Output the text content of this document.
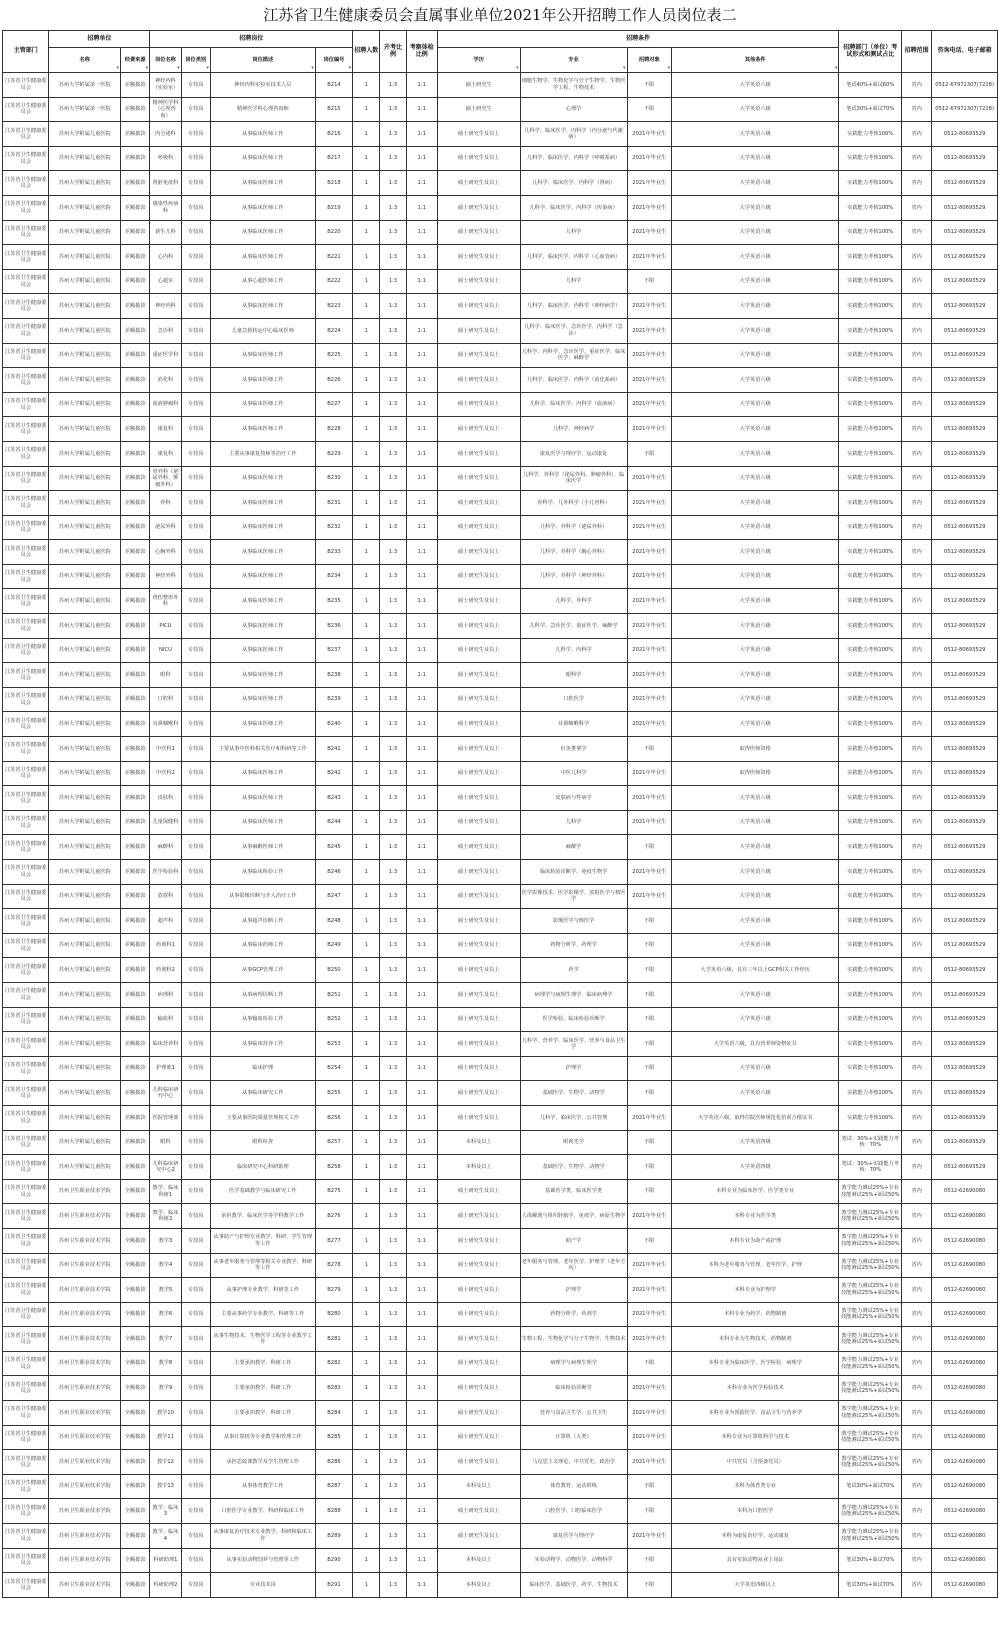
江苏省卫生健康委员会直属事业单位2021年公开招聘工作人员岗位表二
主管部门	招聘单位		招聘岗位				招聘人数	开考比例	考察体检比例	招聘条件				招聘部门（单位）考试形式和测试占比	招聘范围	咨询电话、电子邮箱
	名称 ▾	经费来源 ▾	岗位名称 ▾	岗位类别 ▾	岗位描述 ▾	岗位编号 ▾				学历 ▾	专业 ▾	招聘对象 ▾	其他条件 ▾
江苏省卫生健康委员会	苏州大学附属第一医院	差额拨款	神经内科（实验室）	专技岗	神经内科实验室技术人员	B214	1	1:3	1:1	硕士研究生	细胞生物学、生物化学与分子生物学、生物医学工程、生物技术	不限	大学英语六级	笔试40%+面试60%	省内	0512-67972307(7228)
江苏省卫生健康委员会	苏州大学附属第一医院	差额拨款	精神医学科（心理咨询）	专技岗	精神医学科心理咨询师	B215	1	1:3	1:1	硕士研究生	心理学	不限	大学英语六级	笔试30%+面试70%	省内	0512-67972307(7228)
江苏省卫生健康委员会	苏州大学附属儿童医院	差额拨款	内分泌科	专技岗	从事临床医师工作	B216	1	1:3	1:1	硕士研究生及以上	儿科学、临床医学、内科学（内分泌与代谢病）	2021年毕业生	大学英语六级	实践能力考核100%	省内	0512-80693529
江苏省卫生健康委员会	苏州大学附属儿童医院	差额拨款	呼吸科	专技岗	从事临床医师工作	B217	1	1:3	1:1	硕士研究生及以上	儿科学、临床医学、内科学（呼吸系病）	2021年毕业生	大学英语六级	实践能力考核100%	省内	0512-80693529
江苏省卫生健康委员会	苏州大学附属儿童医院	差额拨款	肾脏免疫科	专技岗	从事临床医师工作	B218	1	1:3	1:1	硕士研究生及以上	儿科学、临床医学、内科学（肾病）	2021年毕业生	大学英语六级	实践能力考核100%	省内	0512-80693529
江苏省卫生健康委员会	苏州大学附属儿童医院	差额拨款	感染性疾病科	专技岗	从事临床医师工作	B219	1	1:3	1:1	硕士研究生及以上	儿科学、临床医学、内科学（传染病）	2021年毕业生	大学英语六级	实践能力考核100%	省内	0512-80693529
江苏省卫生健康委员会	苏州大学附属儿童医院	差额拨款	新生儿科	专技岗	从事临床医师工作	B220	1	1:3	1:1	硕士研究生及以上	儿科学	2021年毕业生	大学英语六级	实践能力考核100%	省内	0512-80693529
江苏省卫生健康委员会	苏州大学附属儿童医院	差额拨款	心内科	专技岗	从事临床医师工作	B221	1	1:3	1:1	硕士研究生及以上	儿科学、临床医学、内科学（心血管病）	2021年毕业生	大学英语六级	实践能力考核100%	省内	0512-80693529
江苏省卫生健康委员会	苏州大学附属儿童医院	差额拨款	心超室	专技岗	从事心超医师工作	B222	1	1:3	1:1	硕士研究生及以上	儿科学	不限	大学英语六级	实践能力考核100%	省内	0512-80693529
江苏省卫生健康委员会	苏州大学附属儿童医院	差额拨款	神经内科	专技岗	从事临床医师工作	B223	1	1:3	1:1	硕士研究生及以上	儿科学、临床医学、内科学（神经病学）	2021年毕业生	大学英语六级	实践能力考核100%	省内	0512-80693529
江苏省卫生健康委员会	苏州大学附属儿童医院	差额拨款	急诊科	专技岗	儿童急救转运中心临床医师	B224	1	1:3	1:1	硕士研究生及以上	儿科学、临床医学、急诊医学、内科学（急诊）	2021年毕业生	大学英语六级	实践能力考核100%	省内	0512-80693529
江苏省卫生健康委员会	苏州大学附属儿童医院	差额拨款	重症医学科	专技岗	从事临床医师工作	B225	1	1:3	1:1	硕士研究生及以上	儿科学、内科学、急诊医学、重症医学、临床医学、麻醉学	2021年毕业生	大学英语六级	实践能力考核100%	省内	0512-80693529
江苏省卫生健康委员会	苏州大学附属儿童医院	差额拨款	消化科	专技岗	从事临床医师工作	B226	1	1:3	1:1	硕士研究生及以上	儿科学、临床医学、内科学（消化系病）	2021年毕业生	大学英语六级	实践能力考核100%	省内	0512-80693529
江苏省卫生健康委员会	苏州大学附属儿童医院	差额拨款	血液肿瘤科	专技岗	从事临床医师工作	B227	1	1:3	1:1	硕士研究生及以上	儿科学、临床医学、内科学（血液病）	2021年毕业生	大学英语六级	实践能力考核100%	省内	0512-80693529
江苏省卫生健康委员会	苏州大学附属儿童医院	差额拨款	康复科	专技岗	从事临床医师工作	B228	1	1:3	1:1	硕士研究生及以上	儿科学、神经病学	2021年毕业生	大学英语六级	实践能力考核100%	省内	0512-80693529
江苏省卫生健康委员会	苏州大学附属儿童医院	差额拨款	康复科	专技岗	主要从事康复技师等治疗工作	B229	1	1:3	1:1	硕士研究生及以上	康复医学与理疗学、运动康复	不限	大学英语六级	实践能力考核100%	省内	0512-80693529
江苏省卫生健康委员会	苏州大学附属儿童医院	差额拨款	骨外科（泌尿外科、肿瘤外科）	专技岗	从事临床医师工作	B230	1	1:3	1:1	硕士研究生及以上	儿科学、外科学（泌尿外科、肿瘤外科）、临床医学	2021年毕业生	大学英语六级	实践能力考核100%	省内	0512-80693529
江苏省卫生健康委员会	苏州大学附属儿童医院	差额拨款	骨科	专技岗	从事临床医师工作	B231	1	1:3	1:1	硕士研究生及以上	骨科学、儿外科学（小儿骨科）	2021年毕业生	大学英语六级	实践能力考核100%	省内	0512-80693529
江苏省卫生健康委员会	苏州大学附属儿童医院	差额拨款	泌尿外科	专技岗	从事临床医师工作	B232	1	1:3	1:1	硕士研究生及以上	儿科学、外科学（泌尿外科）	2021年毕业生	大学英语六级	实践能力考核100%	省内	0512-80693529
江苏省卫生健康委员会	苏州大学附属儿童医院	差额拨款	心胸外科	专技岗	从事临床医师工作	B233	1	1:3	1:1	硕士研究生及以上	儿科学、外科学（胸心外科）	2021年毕业生	大学英语六级	实践能力考核100%	省内	0512-80693529
江苏省卫生健康委员会	苏州大学附属儿童医院	差额拨款	神经外科	专技岗	从事临床医师工作	B234	1	1:3	1:1	硕士研究生及以上	儿科学、外科学（神经外科）	2021年毕业生	大学英语六级	实践能力考核100%	省内	0512-80693529
江苏省卫生健康委员会	苏州大学附属儿童医院	差额拨款	烧伤整形外科	专技岗	从事临床医师工作	B235	1	1:3	1:1	硕士研究生及以上	儿科学、外科学	2021年毕业生	大学英语六级	实践能力考核100%	省内	0512-80693529
江苏省卫生健康委员会	苏州大学附属儿童医院	差额拨款	PICU	专技岗	从事临床医师工作	B236	1	1:3	1:1	硕士研究生及以上	儿科学、急诊医学、重症医学、麻醉学	2021年毕业生	大学英语六级	实践能力考核100%	省内	0512-80693529
江苏省卫生健康委员会	苏州大学附属儿童医院	差额拨款	NICU	专技岗	从事临床医师工作	B237	1	1:3	1:1	硕士研究生及以上	儿科学、内科学	2021年毕业生	大学英语六级	实践能力考核100%	省内	0512-80693529
江苏省卫生健康委员会	苏州大学附属儿童医院	差额拨款	眼科	专技岗	从事临床医师工作	B238	1	1:3	1:1	硕士研究生及以上	眼科学	2021年毕业生	大学英语六级	实践能力考核100%	省内	0512-80693529
江苏省卫生健康委员会	苏州大学附属儿童医院	差额拨款	口腔科	专技岗	从事临床医师工作	B239	1	1:3	1:1	硕士研究生及以上	口腔医学	2021年毕业生	大学英语六级	实践能力考核100%	省内	0512-80693529
江苏省卫生健康委员会	苏州大学附属儿童医院	差额拨款	耳鼻咽喉科	专技岗	从事临床医师工作	B240	1	1:3	1:1	硕士研究生及以上	耳鼻咽喉科学	2021年毕业生	大学英语六级	实践能力考核100%	省内	0512-80693529
江苏省卫生健康委员会	苏州大学附属儿童医院	差额拨款	中医科1	专技岗	主要从事中医科相关医疗和科研等工作	B241	1	1:3	1:1	硕士研究生及以上	针灸推拿学	不限	取得医师资格	实践能力考核100%	省内	0512-80693529
江苏省卫生健康委员会	苏州大学附属儿童医院	差额拨款	中医科2	专技岗	从事临床医师工作	B242	1	1:3	1:1	硕士研究生及以上	中医儿科学	2021年毕业生	取得医师资格	实践能力考核100%	省内	0512-80693529
江苏省卫生健康委员会	苏州大学附属儿童医院	差额拨款	皮肤科	专技岗	从事临床医师工作	B243	1	1:3	1:1	硕士研究生及以上	皮肤病与性病学	2021年毕业生	大学英语六级	实践能力考核100%	省内	0512-80693529
江苏省卫生健康委员会	苏州大学附属儿童医院	差额拨款	儿童保健科	专技岗	从事临床医师工作	B244	1	1:3	1:1	硕士研究生及以上	儿科学	2021年毕业生	大学英语六级	实践能力考核100%	省内	0512-80693529
江苏省卫生健康委员会	苏州大学附属儿童医院	差额拨款	麻醉科	专技岗	从事麻醉医师工作	B245	1	1:3	1:1	硕士研究生及以上	麻醉学	不限	大学英语六级	实践能力考核100%	省内	0512-80693529
江苏省卫生健康委员会	苏州大学附属儿童医院	差额拨款	医学检验科	专技岗	从事临床检验工作	B246	1	1:3	1:1	硕士研究生及以上	临床检验诊断学、免疫生物学	2021年毕业生	大学英语六级	实践能力考核100%	省内	0512-80693529
江苏省卫生健康委员会	苏州大学附属儿童医院	差额拨款	放射科	专技岗	从事影像诊断与介入治疗工作	B247	1	1:3	1:1	硕士研究生及以上	医学影像技术、医学影像学、放射医学与核医学	2021年毕业生	大学英语六级	实践能力考核100%	省内	0512-80693529
江苏省卫生健康委员会	苏州大学附属儿童医院	差额拨款	超声科	专技岗	从事超声诊断工作	B248	1	1:3	1:1	硕士研究生及以上	影像医学与核医学	不限	大学英语六级	实践能力考核100%	省内	0512-80693529
江苏省卫生健康委员会	苏州大学附属儿童医院	差额拨款	药剂科1	专技岗	从事临床药师工作	B249	1	1:3	1:1	硕士研究生及以上	药物分析学、药理学	不限	大学英语六级	实践能力考核100%	省内	0512-80693529
江苏省卫生健康委员会	苏州大学附属儿童医院	差额拨款	药剂科2	专技岗	从事GCP管理工作	B250	1	1:3	1:1	硕士研究生及以上	药学	不限	大学英语六级，具有三年以上GCP相关工作经历	实践能力考核100%	省内	0512-80693529
江苏省卫生健康委员会	苏州大学附属儿童医院	差额拨款	病理科	专技岗	从事病理诊断工作	B251	1	1:3	1:1	硕士研究生及以上	病理学与病理生理学、临床病理学	不限	大学英语六级	实践能力考核100%	省内	0512-80693529
江苏省卫生健康委员会	苏州大学附属儿童医院	差额拨款	输血科	专技岗	从事输血检验工作	B252	1	1:3	1:1	硕士研究生及以上	医学检验、临床检验诊断学	不限	大学英语六级	实践能力考核100%	省内	0512-80693529
江苏省卫生健康委员会	苏州大学附属儿童医院	差额拨款	临床营养科	专技岗	从事临床营养工作	B253	1	1:3	1:1	硕士研究生及以上	儿科学、营养学、临床医学、营养与食品卫生学	不限	大学英语六级，具有营养师资格证书	实践能力考核100%	省内	0512-80693529
江苏省卫生健康委员会	苏州大学附属儿童医院	差额拨款	护理部1	专技岗	临床护理	B254	1	1:3	1:1	硕士研究生及以上	护理学	不限	大学英语六级	实践能力考核100%	省内	0512-80693529
江苏省卫生健康委员会	苏州大学附属儿童医院	差额拨款	儿科临床研究中心	专技岗	从事临床研究工作	B255	1	1:3	1:1	硕士研究生及以上	基础医学、生物学、动物学	不限	大学英语六级	实践能力考核100%	省内	0512-80693529
江苏省卫生健康委员会	苏州大学附属儿童医院	差额拨款	医院管理部	专技岗	主要从事医院质量管理相关工作	B256	1	1:3	1:1	硕士研究生及以上	儿科学、临床医学、公共管理	2021年毕业生	大学英语六级，取得住院医师规范化培训合格证书	实践能力考核100%	省内	0512-80693529
江苏省卫生健康委员会	苏州大学附属儿童医院	差额拨款	眼科	专技岗	眼科检查	B257	1	1:3	1:1	本科及以上	眼视光学	不限	大学英语四级	笔试：30%+实践能力考核：70%	省内	0512-80693529
江苏省卫生健康委员会	苏州大学附属儿童医院	差额拨款	儿科临床研究中心2	专技岗	临床研究中心科研助理	B258	1	1:3	1:1	本科及以上	基础医学、生物学、动物学	不限	大学英语四级	笔试：30%+实践能力考核：70%	省内	0512-80693529
江苏省卫生健康委员会	苏州卫生职业技术学院	全额拨款	教学、临床科研1	专技岗	医学基础教学与临床研究工作	B275	1	1:3	1:1	硕士研究生及以上	基础医学类、临床医学类	不限	本科专业为临床医学、医学类专业	教学能力测试25%+专业技能测试25%+面试50%	省内	0512-62690080
江苏省卫生健康委员会	苏州卫生职业技术学院	全额拨款	教学、临床科研2	专技岗	承担教学、临床医学等学科教学工作	B276	1	1:3	1:1	硕士研究生及以上	人体解剖与组织胚胎学、免疫学、病原生物学	2021年毕业生	本科专业为医学类	教学能力测试25%+专业技能测试25%+面试50%	省内	0512-62690080
江苏省卫生健康委员会	苏州卫生职业技术学院	全额拨款	教学3	专技岗	从事助产与护理专业教学、科研、学生管理等工作	B277	1	1:3	1:1	硕士研究生及以上	助产学	不限	本科专业为助产或护理	教学能力测试25%+专业技能测试25%+面试50%	省内	0512-62690080
江苏省卫生健康委员会	苏州卫生职业技术学院	全额拨款	教学4	专技岗	从事老年服务与管理等相关专业教学、科研等工作	B278	1	1:3	1:1	硕士研究生及以上	老年服务与管理、老年医学、护理学（老年方向）	2021年毕业生	本科为老年服务与管理、老年医学、护理	教学能力测试25%+专业技能测试25%+面试50%	省内	0512-62690080
江苏省卫生健康委员会	苏州卫生职业技术学院	全额拨款	教学5	专技岗	从事护理专业教学、科研等工作	B279	1	1:3	1:1	硕士研究生及以上	护理学	2021年毕业生	本科专业为护理学	教学能力测试25%+专业技能测试25%+面试50%	省内	0512-62690080
江苏省卫生健康委员会	苏州卫生职业技术学院	全额拨款	教学6	专技岗	主要从事药学专业教学、科研等工作	B280	1	1:3	1:1	硕士研究生及以上	药物分析学、药剂学	2021年毕业生	本科专业为药学、药物制剂	教学能力测试25%+专业技能测试25%+面试50%	省内	0512-62690080
江苏省卫生健康委员会	苏州卫生职业技术学院	全额拨款	教学7	专技岗	从事生物技术、生物医学工程等专业教学工作	B281	1	1:3	1:1	硕士研究生及以上	生物工程、生物化学与分子生物学、生物技术	2021年毕业生	本科专业为生物技术、药物制剂	教学能力测试25%+专业技能测试25%+面试50%	省内	0512-62690080
江苏省卫生健康委员会	苏州卫生职业技术学院	全额拨款	教学8	专技岗	主要承担教学、科研工作	B282	1	1:3	1:1	硕士研究生及以上	病理学与病理生理学	不限	本科专业为临床医学、医学检验、病理学	教学能力测试25%+专业技能测试25%+面试50%	省内	0512-62690080
江苏省卫生健康委员会	苏州卫生职业技术学院	全额拨款	教学9	专技岗	主要承担教学、科研工作	B283	1	1:3	1:1	硕士研究生及以上	临床检验诊断学	2021年毕业生	本科专业为医学检验技术	教学能力测试25%+专业技能测试25%+面试50%	省内	0512-62690080
江苏省卫生健康委员会	苏州卫生职业技术学院	全额拨款	教学10	专技岗	主要承担教学、科研工作	B284	1	1:3	1:1	硕士研究生及以上	营养与食品卫生学、公共卫生	2021年毕业生	本科专业为预防医学、食品卫生与营养学	教学能力测试25%+专业技能测试25%+面试50%	省内	0512-62690080
江苏省卫生健康委员会	苏州卫生职业技术学院	全额拨款	教学11	专技岗	从事计算机等专业教学和管理工作	B285	1	1:3	1:1	硕士研究生及以上	计算机（大类）	2021年毕业生	本科专业为计算机科学与技术	教学能力测试25%+专业技能测试25%+面试50%	省内	0512-62690080
江苏省卫生健康委员会	苏州卫生职业技术学院	全额拨款	教学12	专技岗	承担思政课教学及学生管理工作	B286	1	1:3	1:1	硕士研究生及以上	马克思主义理论、中共党史、政治学	2021年毕业生	中共党员（含预备党员）	教学能力测试25%+专业技能测试25%+面试50%	省内	0512-62690080
江苏省卫生健康委员会	苏州卫生职业技术学院	全额拨款	教学13	专技岗	从事体育教学工作	B287	1	1:3	1:1	本科及以上	体育教育、运动训练	不限	本科为体育类专业	笔试30%+面试70%	省内	0512-62690080
江苏省卫生健康委员会	苏州卫生职业技术学院	全额拨款	教学、临床3	专技岗	口腔医学专业教学、科研和临床工作	B288	1	1:3	1:1	硕士研究生及以上	口腔医学、口腔临床医学	不限	本科为口腔医学	教学能力测试25%+专业技能测试25%+面试50%	省内	0512-62690080
江苏省卫生健康委员会	苏州卫生职业技术学院	全额拨款	教学、临床4	专技岗	从事康复治疗技术专业教学、科研和临床工作	B289	1	1:3	1:1	硕士研究生及以上	康复医学与理疗学	2021年毕业生	本科为康复治疗学、运动康复	教学能力测试25%+专业技能测试25%+面试50%	省内	0512-62690080
江苏省卫生健康委员会	苏州卫生职业技术学院	全额拨款	科研助理1	专技岗	从事实验动物饲养与管理等工作	B290	1	1:3	1:1	本科及以上	实验动物学、动物医学、动物科学	不限	具有实验动物从业上岗证	笔试30%+面试70%	省内	0512-62690080
江苏省卫生健康委员会	苏州卫生职业技术学院	全额拨款	科研助理2	专技岗	专业技术岗	B291	1	1:3	1:1	本科及以上	临床医学、基础医学、药学、生物技术	不限	大学英语四级以上	笔试30%+面试70%	省内	0512-62690080
